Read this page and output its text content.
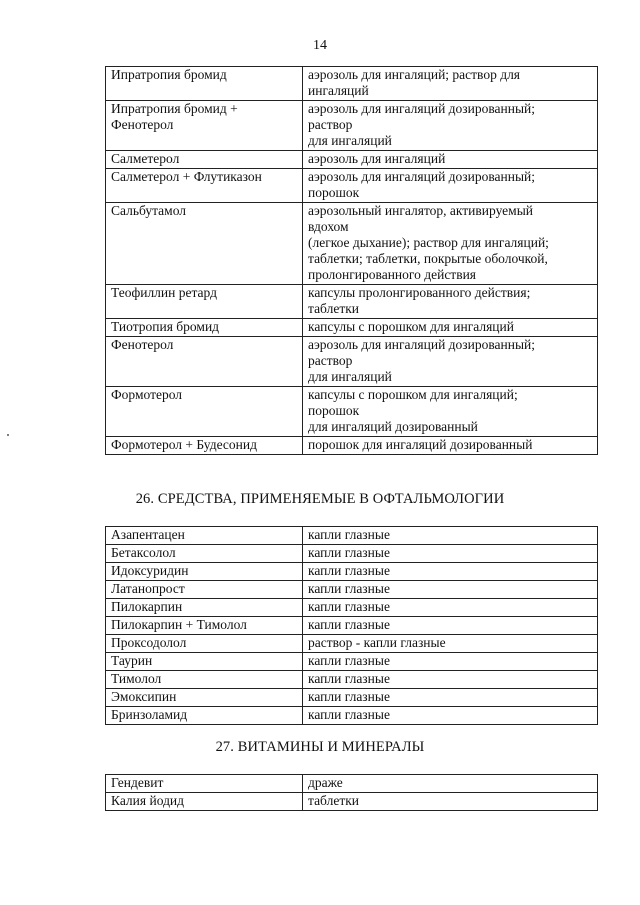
14
Ипратропия бромид	аэрозоль для ингаляций; раствор для
ингаляций

Ипратропия бромид +
Фенотерол	аэрозоль для ингаляций дозированный;
раствор
для ингаляций

Салметерол	аэрозоль для ингаляций

Салметерол + Флутиказон	аэрозоль для ингаляций дозированный;
порошок

Сальбутамол	аэрозольный ингалятор, активируемый
вдохом
(легкое дыхание); раствор для ингаляций;
таблетки; таблетки, покрытые оболочкой,
пролонгированного действия

Теофиллин ретард	капсулы пролонгированного действия;
таблетки

Тиотропия бромид	капсулы с порошком для ингаляций

Фенотерол	аэрозоль для ингаляций дозированный;
раствор
для ингаляций

Формотерол	капсулы с порошком для ингаляций;
порошок
для ингаляций дозированный

Формотерол + Будесонид	порошок для ингаляций дозированный
26. СРЕДСТВА, ПРИМЕНЯЕМЫЕ В ОФТАЛЬМОЛОГИИ
Азапентацен	капли глазные
Бетаксолол	капли глазные
Идоксуридин	капли глазные
Латанопрост	капли глазные
Пилокарпин	капли глазные
Пилокарпин + Тимолол	капли глазные
Проксодолол	раствор - капли глазные
Таурин	капли глазные
Тимолол	капли глазные
Эмоксипин	капли глазные
Бринзоламид	капли глазные
27. ВИТАМИНЫ И МИНЕРАЛЫ
Гендевит	драже
Калия йодид	таблетки
